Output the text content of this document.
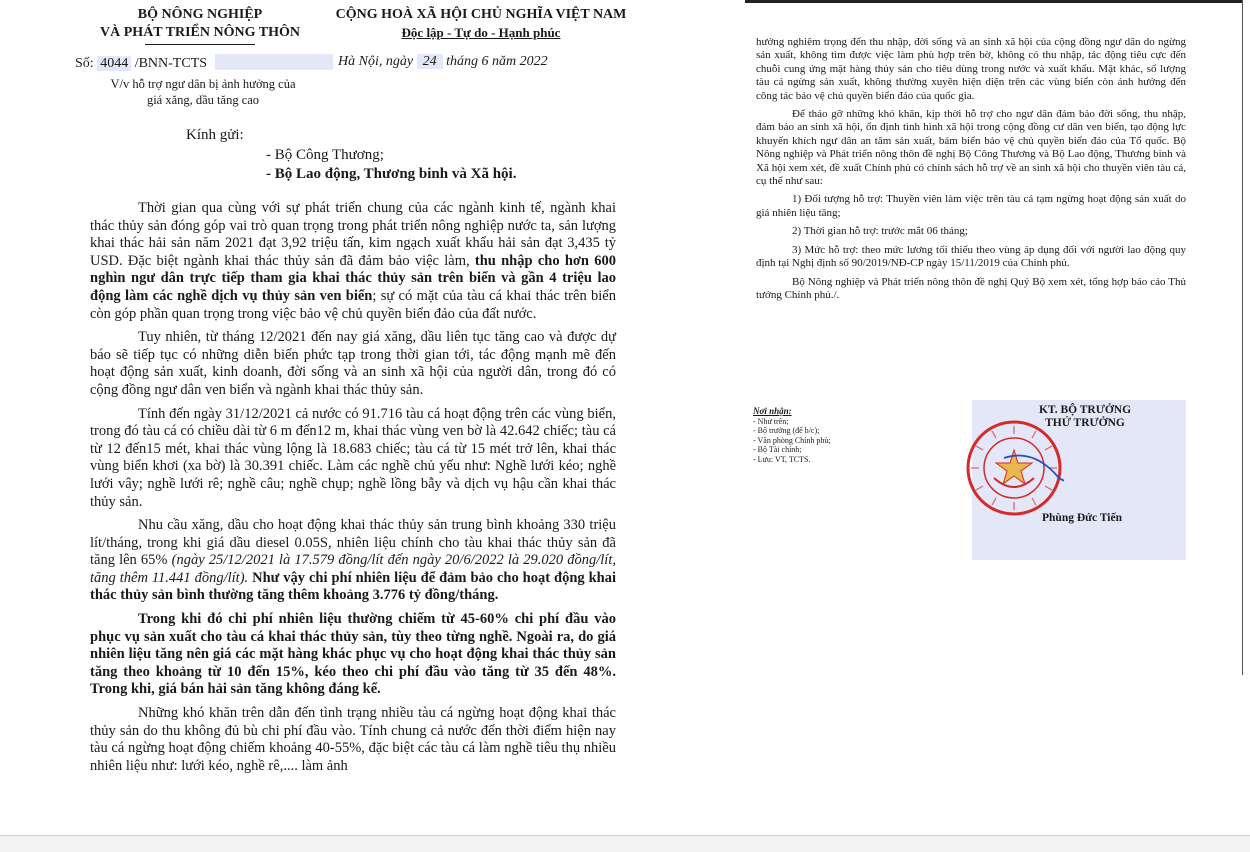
BỘ NÔNG NGHIỆP
VÀ PHÁT TRIỂN NÔNG THÔN
CỘNG HOÀ XÃ HỘI CHỦ NGHĨA VIỆT NAM
Độc lập - Tự do - Hạnh phúc
Số: 4044 /BNN-TCTS	Hà Nội, ngày 24 tháng 6 năm 2022
V/v hỗ trợ ngư dân bị ảnh hưởng của
giá xăng, dầu tăng cao
Kính gửi:
- Bộ Công Thương;
- Bộ Lao động, Thương binh và Xã hội.

Thời gian qua cùng với sự phát triển chung của các ngành kinh tế, ngành khai thác thủy sản đóng góp vai trò quan trọng trong phát triển nông nghiệp nước ta, sản lượng khai thác hải sản năm 2021 đạt 3,92 triệu tấn, kim ngạch xuất khẩu hải sản đạt 3,435 tỷ USD. Đặc biệt ngành khai thác thủy sản đã đảm bảo việc làm, thu nhập cho hơn 600 nghìn ngư dân trực tiếp tham gia khai thác thủy sản trên biển và gần 4 triệu lao động làm các nghề dịch vụ thủy sản ven biển; sự có mặt của tàu cá khai thác trên biển còn góp phần quan trọng trong việc bảo vệ chủ quyền biển đảo của đất nước.

Tuy nhiên, từ tháng 12/2021 đến nay giá xăng, dầu liên tục tăng cao và được dự báo sẽ tiếp tục có những diễn biến phức tạp trong thời gian tới, tác động mạnh mẽ đến hoạt động sản xuất, kinh doanh, đời sống và an sinh xã hội của người dân, trong đó có cộng đồng ngư dân ven biển và ngành khai thác thủy sản.

Tính đến ngày 31/12/2021 cả nước có 91.716 tàu cá hoạt động trên các vùng biển, trong đó tàu cá có chiều dài từ 6 m đến12 m, khai thác vùng ven bờ là 42.642 chiếc; tàu cá từ 12 đến15 mét, khai thác vùng lộng là 18.683 chiếc; tàu cá từ 15 mét trở lên, khai thác vùng biển khơi (xa bờ) là 30.391 chiếc. Làm các nghề chủ yếu như: Nghề lưới kéo; nghề lưới vây; nghề lưới rê; nghề câu; nghề chụp; nghề lồng bẫy và dịch vụ hậu cần khai thác thủy sản.

Nhu cầu xăng, dầu cho hoạt động khai thác thủy sản trung bình khoảng 330 triệu lít/tháng, trong khi giá dầu diesel 0.05S, nhiên liệu chính cho tàu khai thác thủy sản đã tăng lên 65% (ngày 25/12/2021 là 17.579 đồng/lít đến ngày 20/6/2022 là 29.020 đồng/lít, tăng thêm 11.441 đồng/lít). Như vậy chi phí nhiên liệu để đảm bảo cho hoạt động khai thác thủy sản bình thường tăng thêm khoảng 3.776 tỷ đồng/tháng.

Trong khi đó chi phí nhiên liệu thường chiếm từ 45-60% chi phí đầu vào phục vụ sản xuất cho tàu cá khai thác thủy sản, tùy theo từng nghề. Ngoài ra, do giá nhiên liệu tăng nên giá các mặt hàng khác phục vụ cho hoạt động khai thác thủy sản tăng theo khoảng từ 10 đến 15%, kéo theo chi phí đầu vào tăng từ 35 đến 48%. Trong khi, giá bán hải sản tăng không đáng kể.

Những khó khăn trên dẫn đến tình trạng nhiều tàu cá ngừng hoạt động khai thác thủy sản do thu không đủ bù chi phí đầu vào. Tính chung cả nước đến thời điểm hiện nay tàu cá ngừng hoạt động chiếm khoảng 40-55%, đặc biệt các tàu cá làm nghề tiêu thụ nhiều nhiên liệu như: lưới kéo, nghề rê,.... làm ảnh

hưởng nghiêm trọng đến thu nhập, đời sống và an sinh xã hội của cộng đồng ngư dân do ngừng sản xuất, không tìm được việc làm phù hợp trên bờ, không có thu nhập, tác động tiêu cực đến chuỗi cung ứng mặt hàng thủy sản cho tiêu dùng trong nước và xuất khẩu. Mặt khác, số lượng tàu cá ngừng sản xuất, không thường xuyên hiện diện trên các vùng biển còn ảnh hưởng đến công tác bảo vệ chủ quyền biển đảo của quốc gia.

Để tháo gỡ những khó khăn, kịp thời hỗ trợ cho ngư dân đảm bảo đời sống, thu nhập, đảm bảo an sinh xã hội, ổn định tình hình xã hội trong cộng đồng cư dân ven biển, tạo động lực khuyến khích ngư dân an tâm sản xuất, bám biển bảo vệ chủ quyền biển đảo của Tổ quốc. Bộ Nông nghiệp và Phát triển nông thôn đề nghị Bộ Công Thương và Bộ Lao động, Thương binh và Xã hội xem xét, đề xuất Chính phủ có chính sách hỗ trợ về an sinh xã hội cho thuyền viên tàu cá, cụ thể như sau:

1) Đối tượng hỗ trợ: Thuyền viên làm việc trên tàu cá tạm ngừng hoạt động sản xuất do giá nhiên liệu tăng;

2) Thời gian hỗ trợ: trước mắt 06 tháng;

3) Mức hỗ trợ: theo mức lương tối thiểu theo vùng áp dụng đối với người lao động quy định tại Nghị định số 90/2019/NĐ-CP ngày 15/11/2019 của Chính phủ.

Bộ Nông nghiệp và Phát triển nông thôn đề nghị Quý Bộ xem xét, tổng hợp báo cáo Thủ tướng Chính phủ./.

Nơi nhận:
- Như trên;
- Bộ trưởng (để b/c);
- Văn phòng Chính phủ;
- Bộ Tài chính;
- Lưu: VT, TCTS.
KT. BỘ TRƯỞNG
THỨ TRƯỞNG
Phùng Đức Tiến
